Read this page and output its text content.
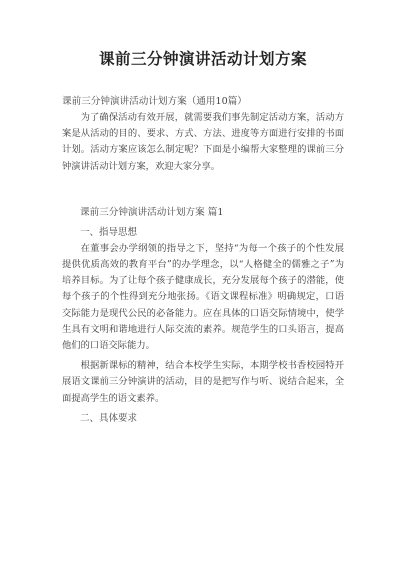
课前三分钟演讲活动计划方案

课前三分钟演讲活动计划方案（通用10篇）

为了确保活动有效开展，就需要我们事先制定活动方案，活动方案是从活动的目的、要求、方式、方法、进度等方面进行安排的书面计划。活动方案应该怎么制定呢？下面是小编帮大家整理的课前三分钟演讲活动计划方案，欢迎大家分享。

课前三分钟演讲活动计划方案 篇1

一、指导思想

在董事会办学纲领的指导之下，坚持“为每一个孩子的个性发展提供优质高效的教育平台”的办学理念，以“人格健全的儒雅之子”为培养目标。为了让每个孩子健康成长，充分发展每个孩子的潜能，使每个孩子的个性得到充分地张扬。《语文课程标准》明确规定，口语交际能力是现代公民的必备能力。应在具体的口语交际情境中，使学生具有文明和谐地进行人际交流的素养。规范学生的口头语言，提高他们的口语交际能力。

根据新课标的精神，结合本校学生实际，本期学校书香校园特开展语文课前三分钟演讲的活动，目的是把写作与听、说结合起来，全面提高学生的语文素养。

二、具体要求
